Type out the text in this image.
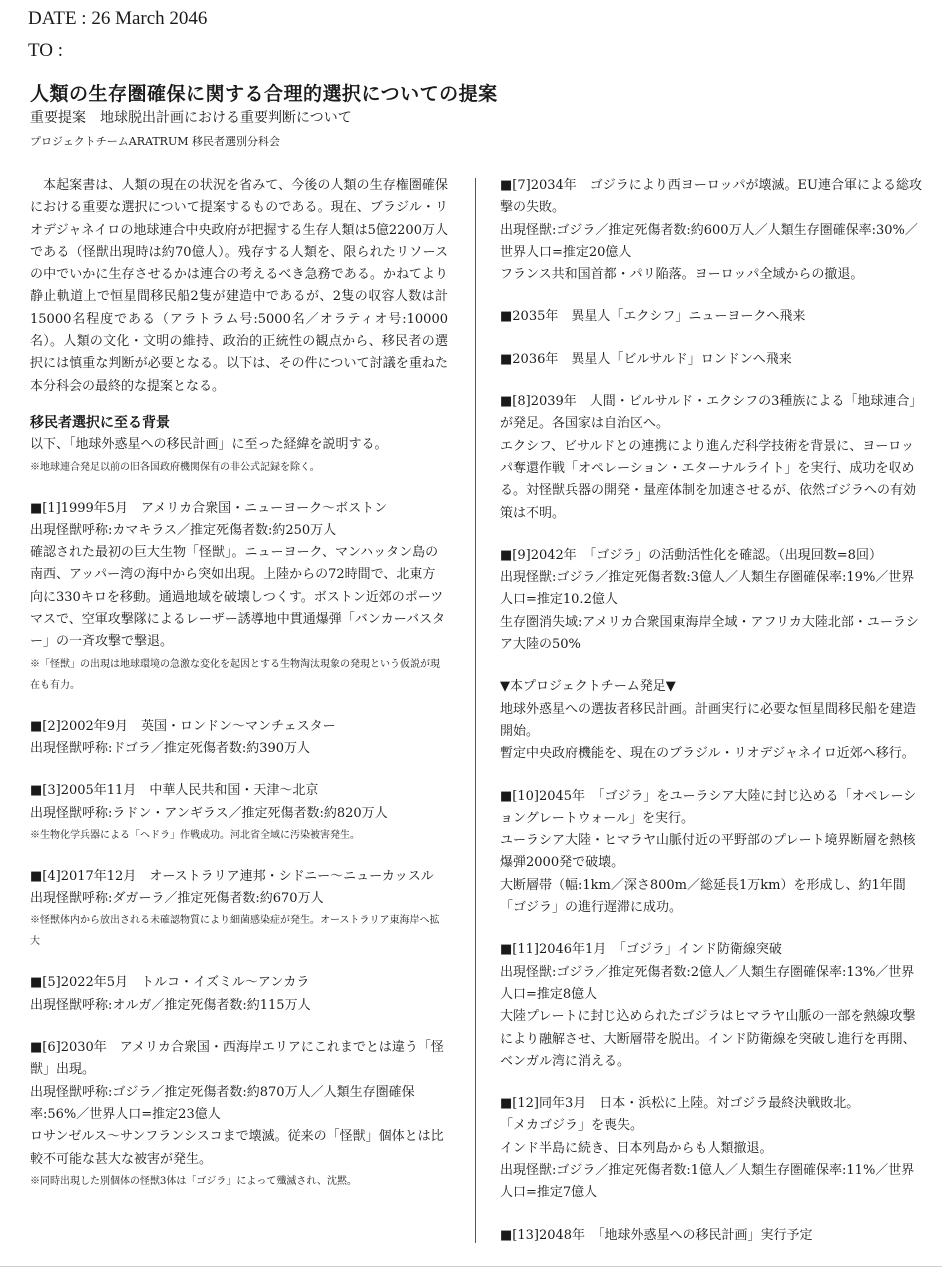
DATE : 26 March 2046
TO :
人類の生存圏確保に関する合理的選択についての提案
重要提案　地球脱出計画における重要判断について
プロジェクトチームARATRUM 移民者選別分科会

本起案書は、人類の現在の状況を省みて、今後の人類の生存権圏確保における重要な選択について提案するものである。現在、ブラジル・リオデジャネイロの地球連合中央政府が把握する生存人類は5億2200万人である（怪獣出現時は約70億人）。残存する人類を、限られたリソースの中でいかに生存させるかは連合の考えるべき急務である。かねてより静止軌道上で恒星間移民船2隻が建造中であるが、2隻の収容人数は計15000名程度である（アラトラム号:5000名／オラティオ号:10000名）。人類の文化・文明の維持、政治的正統性の観点から、移民者の選択には慎重な判断が必要となる。以下は、その件について討議を重ねた本分科会の最終的な提案となる。

移民者選択に至る背景

以下、「地球外惑星への移民計画」に至った経緯を説明する。

※地球連合発足以前の旧各国政府機関保有の非公式記録を除く。

■[1]1999年5月　アメリカ合衆国・ニューヨーク〜ボストン

出現怪獣呼称:カマキラス／推定死傷者数:約250万人

確認された最初の巨大生物「怪獣」。ニューヨーク、マンハッタン島の南西、アッパー湾の海中から突如出現。上陸からの72時間で、北東方向に330キロを移動。通過地域を破壊しつくす。ボストン近郊のポーツマスで、空軍攻撃隊によるレーザー誘導地中貫通爆弾「バンカーバスター」の一斉攻撃で撃退。

※「怪獣」の出現は地球環境の急激な変化を起因とする生物淘汰現象の発現という仮説が現在も有力。

■[2]2002年9月　英国・ロンドン〜マンチェスター

出現怪獣呼称:ドゴラ／推定死傷者数:約390万人

■[3]2005年11月　中華人民共和国・天津〜北京

出現怪獣呼称:ラドン・アンギラス／推定死傷者数:約820万人

※生物化学兵器による「ヘドラ」作戦成功。河北省全域に汚染被害発生。

■[4]2017年12月　オーストラリア連邦・シドニー〜ニューカッスル

出現怪獣呼称:ダガーラ／推定死傷者数:約670万人

※怪獣体内から放出される未確認物質により細菌感染症が発生。オーストラリア東海岸へ拡大

■[5]2022年5月　トルコ・イズミル〜アンカラ

出現怪獣呼称:オルガ／推定死傷者数:約115万人

■[6]2030年　アメリカ合衆国・西海岸エリアにこれまでとは違う「怪獣」出現。

出現怪獣呼称:ゴジラ／推定死傷者数:約870万人／人類生存圏確保率:56%／世界人口=推定23億人

ロサンゼルス〜サンフランシスコまで壊滅。従来の「怪獣」個体とは比較不可能な甚大な被害が発生。

※同時出現した別個体の怪獣3体は「ゴジラ」によって殲滅され、沈黙。

■[7]2034年　ゴジラにより西ヨーロッパが壊滅。EU連合軍による総攻撃の失敗。

出現怪獣:ゴジラ／推定死傷者数:約600万人／人類生存圏確保率:30%／世界人口=推定20億人

フランス共和国首都・パリ陥落。ヨーロッパ全域からの撤退。

■2035年　異星人「エクシフ」ニューヨークへ飛来

■2036年　異星人「ビルサルド」ロンドンへ飛来

■[8]2039年　人間・ビルサルド・エクシフの3種族による「地球連合」が発足。各国家は自治区へ。

エクシフ、ビサルドとの連携により進んだ科学技術を背景に、ヨーロッパ奪還作戦「オペレーション・エターナルライト」を実行、成功を収める。対怪獣兵器の開発・量産体制を加速させるが、依然ゴジラへの有効策は不明。

■[9]2042年　「ゴジラ」の活動活性化を確認。（出現回数=8回）

出現怪獣:ゴジラ／推定死傷者数:3億人／人類生存圏確保率:19%／世界人口=推定10.2億人

生存圏消失域:アメリカ合衆国東海岸全域・アフリカ大陸北部・ユーラシア大陸の50%

▼本プロジェクトチーム発足▼

地球外惑星への選抜者移民計画。計画実行に必要な恒星間移民船を建造開始。

暫定中央政府機能を、現在のブラジル・リオデジャネイロ近郊へ移行。

■[10]2045年　「ゴジラ」をユーラシア大陸に封じ込める「オペレーショングレートウォール」を実行。

ユーラシア大陸・ヒマラヤ山脈付近の平野部のプレート境界断層を熱核爆弾2000発で破壊。

大断層帯（幅:1km／深さ800m／総延長1万km）を形成し、約1年間「ゴジラ」の進行遅滞に成功。

■[11]2046年1月　「ゴジラ」インド防衛線突破

出現怪獣:ゴジラ／推定死傷者数:2億人／人類生存圏確保率:13%／世界人口=推定8億人

大陸プレートに封じ込められたゴジラはヒマラヤ山脈の一部を熱線攻撃により融解させ、大断層帯を脱出。インド防衛線を突破し進行を再開、ベンガル湾に消える。

■[12]同年3月　日本・浜松に上陸。対ゴジラ最終決戦敗北。

「メカゴジラ」を喪失。

インド半島に続き、日本列島からも人類撤退。

出現怪獣:ゴジラ／推定死傷者数:1億人／人類生存圏確保率:11%／世界人口=推定7億人

■[13]2048年　「地球外惑星への移民計画」実行予定
